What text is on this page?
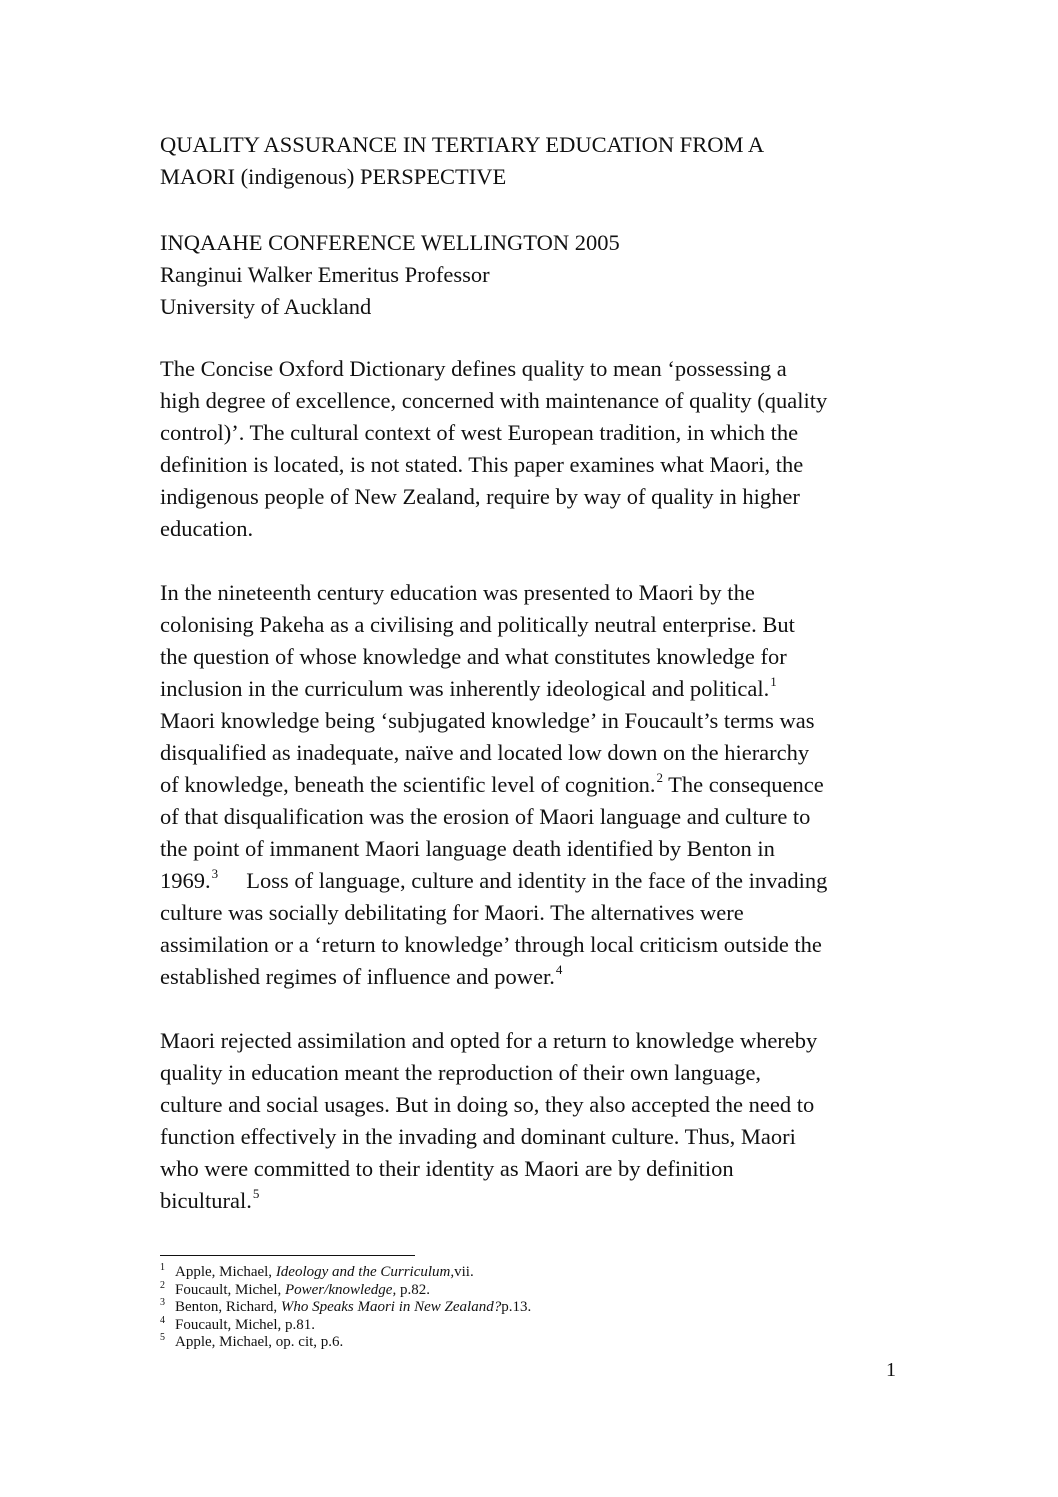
QUALITY ASSURANCE IN TERTIARY EDUCATION FROM A
MAORI (indigenous) PERSPECTIVE
INQAAHE CONFERENCE WELLINGTON 2005
Ranginui Walker Emeritus Professor
University of Auckland
The Concise Oxford Dictionary defines quality to mean ‘possessing a
high degree of excellence, concerned with maintenance of quality (quality
control)’. The cultural context of west European tradition, in which the
definition is located, is not stated. This paper examines what Maori, the
indigenous people of New Zealand, require by way of quality in higher
education.
In the nineteenth century education was presented to Maori by the
colonising Pakeha as a civilising and politically neutral enterprise. But
the question of whose knowledge and what constitutes knowledge for
inclusion in the curriculum was inherently ideological and political.$^1$
Maori knowledge being ‘subjugated knowledge’ in Foucault’s terms was
disqualified as inadequate, naïve and located low down on the hierarchy
of knowledge, beneath the scientific level of cognition.$^2$ The consequence
of that disqualification was the erosion of Maori language and culture to
the point of immanent Maori language death identified by Benton in
1969.$^3$     Loss of language, culture and identity in the face of the invading
culture was socially debilitating for Maori. The alternatives were
assimilation or a ‘return to knowledge’ through local criticism outside the
established regimes of influence and power.$^4$
Maori rejected assimilation and opted for a return to knowledge whereby
quality in education meant the reproduction of their own language,
culture and social usages. But in doing so, they also accepted the need to
function effectively in the invading and dominant culture. Thus, Maori
who were committed to their identity as Maori are by definition
bicultural.$^5$
1 Apple, Michael, Ideology and the Curriculum,vii.
2 Foucault, Michel, Power/knowledge, p.82.
3 Benton, Richard, Who Speaks Maori in New Zealand?p.13.
4 Foucault, Michel, p.81.
5 Apple, Michael, op. cit, p.6.
1
